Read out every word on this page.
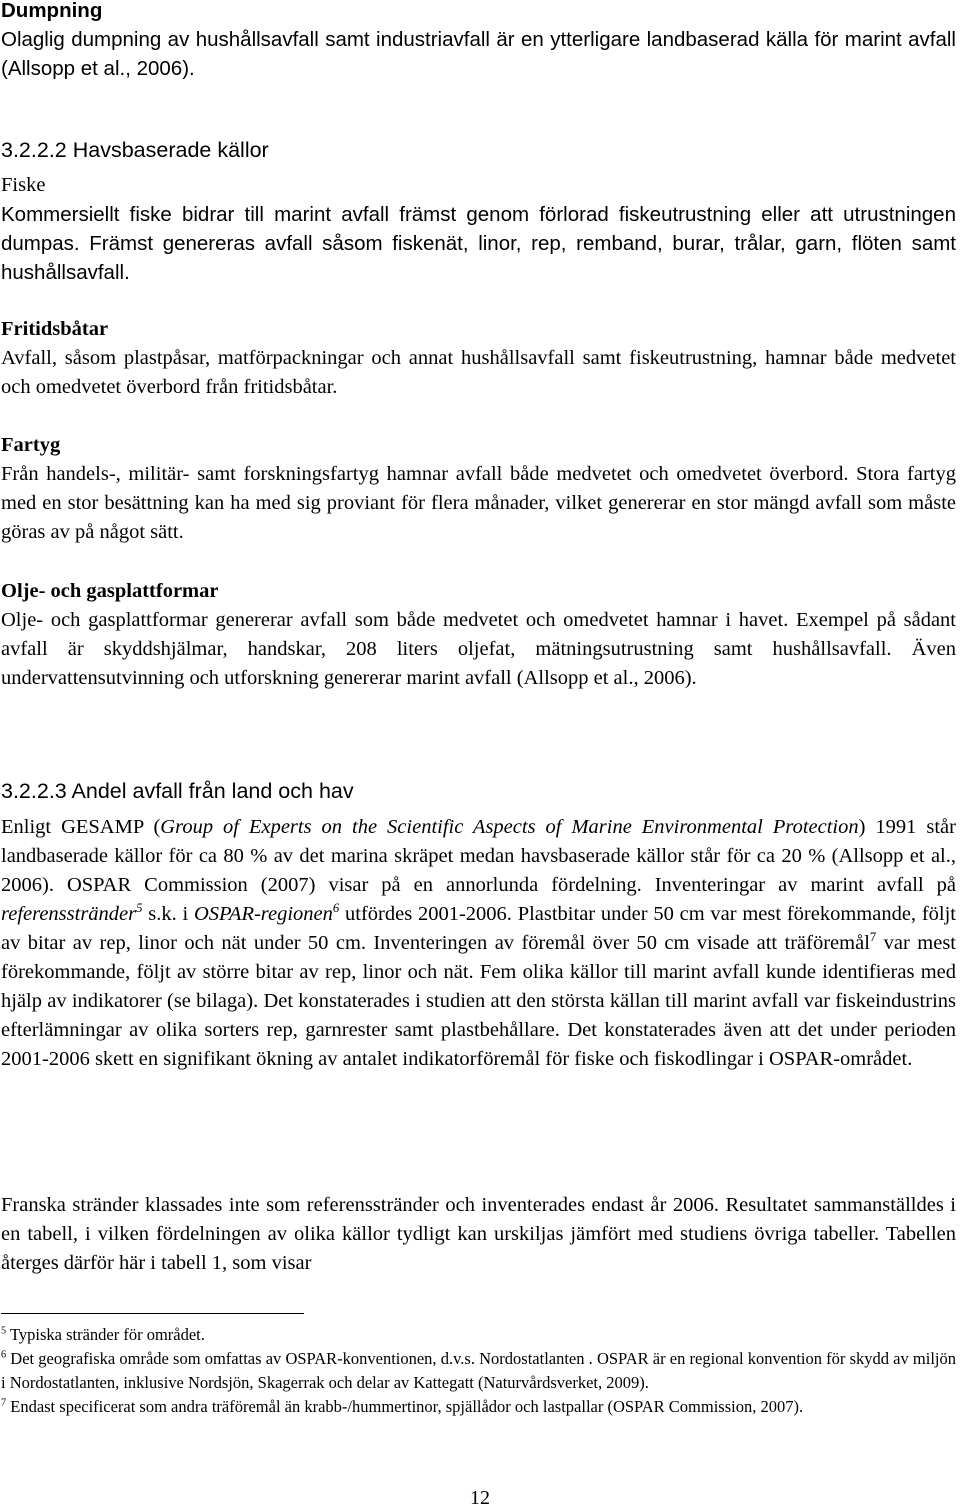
Dumpning

Olaglig dumpning av hushållsavfall samt industriavfall är en ytterligare landbaserad källa för marint avfall (Allsopp et al., 2006).

3.2.2.2 Havsbaserade källor
Fiske

Kommersiellt fiske bidrar till marint avfall främst genom förlorad fiskeutrustning eller att utrustningen dumpas. Främst genereras avfall såsom fiskenät, linor, rep, remband, burar, trålar, garn, flöten samt hushållsavfall.

Fritidsbåtar

Avfall, såsom plastpåsar, matförpackningar och annat hushållsavfall samt fiskeutrustning, hamnar både medvetet och omedvetet överbord från fritidsbåtar.

Fartyg

Från handels-, militär- samt forskningsfartyg hamnar avfall både medvetet och omedvetet överbord. Stora fartyg med en stor besättning kan ha med sig proviant för flera månader, vilket genererar en stor mängd avfall som måste göras av på något sätt.

Olje- och gasplattformar

Olje- och gasplattformar genererar avfall som både medvetet och omedvetet hamnar i havet. Exempel på sådant avfall är skyddshjälmar, handskar, 208 liters oljefat, mätningsutrustning samt hushållsavfall. Även undervattensutvinning och utforskning genererar marint avfall (Allsopp et al., 2006).

3.2.2.3 Andel avfall från land och hav

Enligt GESAMP (Group of Experts on the Scientific Aspects of Marine Environmental Protection) 1991 står landbaserade källor för ca 80 % av det marina skräpet medan havsbaserade källor står för ca 20 % (Allsopp et al., 2006). OSPAR Commission (2007) visar på en annorlunda fördelning. Inventeringar av marint avfall på referensstränder$^5$ s.k. i OSPAR-regionen$^6$ utfördes 2001-2006. Plastbitar under 50 cm var mest förekommande, följt av bitar av rep, linor och nät under 50 cm. Inventeringen av föremål över 50 cm visade att träföremål$^7$ var mest förekommande, följt av större bitar av rep, linor och nät. Fem olika källor till marint avfall kunde identifieras med hjälp av indikatorer (se bilaga). Det konstaterades i studien att den största källan till marint avfall var fiskeindustrins efterlämningar av olika sorters rep, garnrester samt plastbehållare. Det konstaterades även att det under perioden 2001-2006 skett en signifikant ökning av antalet indikatorföremål för fiske och fiskodlingar i OSPAR-området.

Franska stränder klassades inte som referensstränder och inventerades endast år 2006. Resultatet sammanställdes i en tabell, i vilken fördelningen av olika källor tydligt kan urskiljas jämfört med studiens övriga tabeller. Tabellen återges därför här i tabell 1, som visar

$^5$ Typiska stränder för området.

$^6$ Det geografiska område som omfattas av OSPAR-konventionen, d.v.s. Nordostatlanten . OSPAR är en regional konvention för skydd av miljön i Nordostatlanten, inklusive Nordsjön, Skagerrak och delar av Kattegatt (Naturvårdsverket, 2009).

$^7$ Endast specificerat som andra träföremål än krabb-/hummertinor, spjällådor och lastpallar (OSPAR Commission, 2007).

12
